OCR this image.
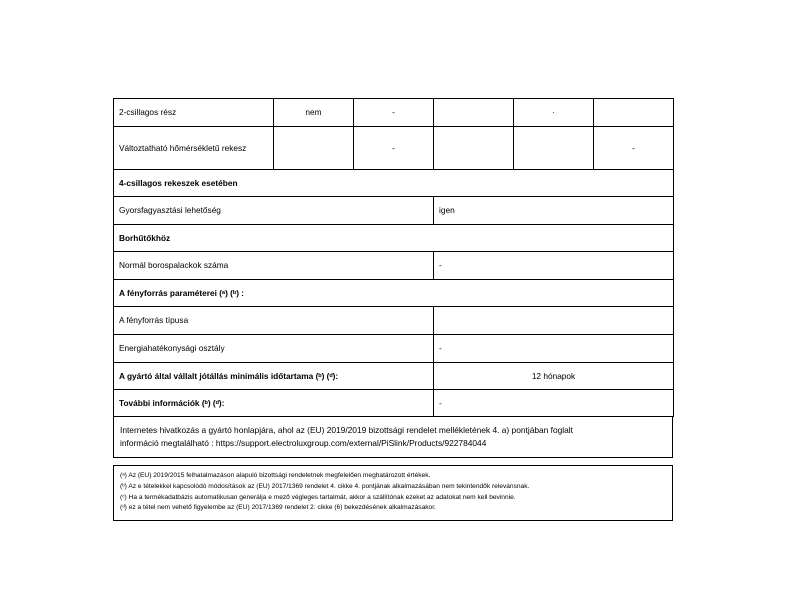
2-csillagos rész	nem	-		·	
Változtatható hőmérsékletű rekesz		-			-
4-csillagos rekeszek esetében					
Gyorsfagyasztási lehetőség			igen		
Borhűtőkhöz					
Normál borospalackok száma			-		
A fényforrás paraméterei (ᵃ) (ᵇ) :					
A fényforrás típusa					
Energiahatékonysági osztály			-		
A gyártó által vállalt jótállás minimális időtartama (ᵇ) (ᵈ):			12 hónapok		
További információk (ᵇ) (ᵈ):			-		
Internetes hivatkozás a gyártó honlapjára, ahol az (EU) 2019/2019 bizottsági rendelet mellékletének 4. a) pontjában foglalt
információ megtalálható : https://support.electroluxgroup.com/external/PiSlink/Products/922784044
(ᵃ) Az (EU) 2019/2015 felhatalmazáson alapuló bizottsági rendeletnek megfelelően meghatározott értékek.
(ᵇ) Az e tételekkel kapcsolódó módosítások az (EU) 2017/1369 rendelet 4. cikke 4. pontjának alkalmazásában nem tekintendők relevánsnak.
(ᶜ) Ha a termékadatbázis automatikusan generálja e mező végleges tartalmát, akkor a szállítónak ezeket az adatokat nem kell bevinnie.
(ᵈ) ez a tétel nem vehető figyelembe az (EU) 2017/1369 rendelet 2. cikke (6) bekezdésének alkalmazásakor.
